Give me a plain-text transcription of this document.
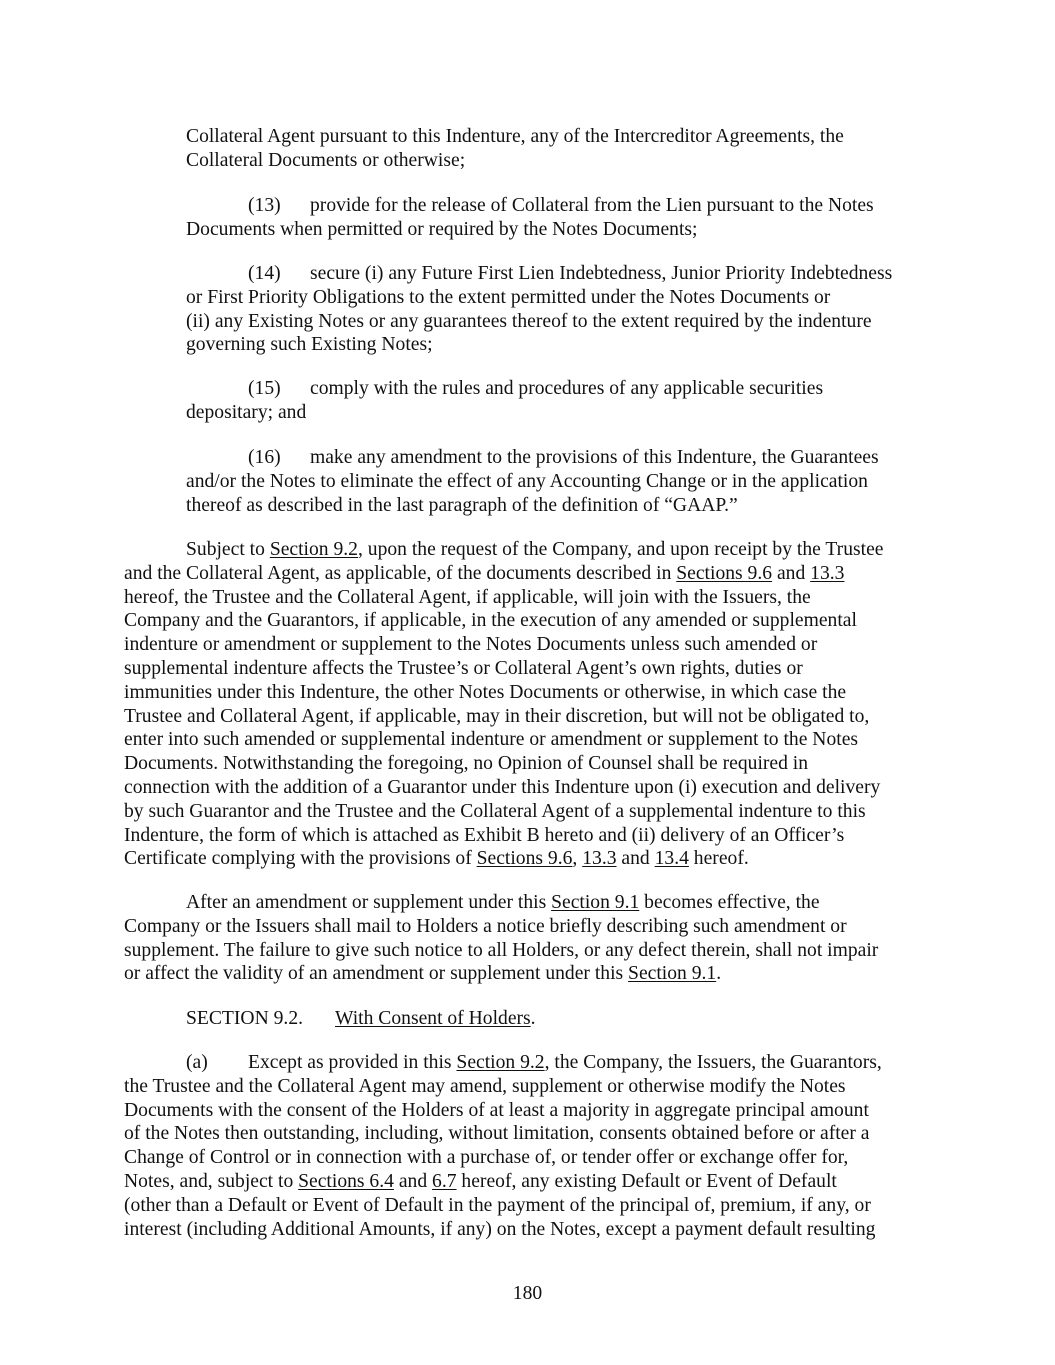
Collateral Agent pursuant to this Indenture, any of the Intercreditor Agreements, the
Collateral Documents or otherwise;
(13) provide for the release of Collateral from the Lien pursuant to the Notes
Documents when permitted or required by the Notes Documents;
(14) secure (i) any Future First Lien Indebtedness, Junior Priority Indebtedness
or First Priority Obligations to the extent permitted under the Notes Documents or
(ii) any Existing Notes or any guarantees thereof to the extent required by the indenture
governing such Existing Notes;
(15) comply with the rules and procedures of any applicable securities
depositary; and
(16) make any amendment to the provisions of this Indenture, the Guarantees
and/or the Notes to eliminate the effect of any Accounting Change or in the application
thereof as described in the last paragraph of the definition of “GAAP.”
Subject to Section 9.2, upon the request of the Company, and upon receipt by the Trustee
and the Collateral Agent, as applicable, of the documents described in Sections 9.6 and 13.3
hereof, the Trustee and the Collateral Agent, if applicable, will join with the Issuers, the
Company and the Guarantors, if applicable, in the execution of any amended or supplemental
indenture or amendment or supplement to the Notes Documents unless such amended or
supplemental indenture affects the Trustee’s or Collateral Agent’s own rights, duties or
immunities under this Indenture, the other Notes Documents or otherwise, in which case the
Trustee and Collateral Agent, if applicable, may in their discretion, but will not be obligated to,
enter into such amended or supplemental indenture or amendment or supplement to the Notes
Documents. Notwithstanding the foregoing, no Opinion of Counsel shall be required in
connection with the addition of a Guarantor under this Indenture upon (i) execution and delivery
by such Guarantor and the Trustee and the Collateral Agent of a supplemental indenture to this
Indenture, the form of which is attached as Exhibit B hereto and (ii) delivery of an Officer’s
Certificate complying with the provisions of Sections 9.6, 13.3 and 13.4 hereof.
After an amendment or supplement under this Section 9.1 becomes effective, the
Company or the Issuers shall mail to Holders a notice briefly describing such amendment or
supplement. The failure to give such notice to all Holders, or any defect therein, shall not impair
or affect the validity of an amendment or supplement under this Section 9.1.
SECTION 9.2. With Consent of Holders.
(a) Except as provided in this Section 9.2, the Company, the Issuers, the Guarantors,
the Trustee and the Collateral Agent may amend, supplement or otherwise modify the Notes
Documents with the consent of the Holders of at least a majority in aggregate principal amount
of the Notes then outstanding, including, without limitation, consents obtained before or after a
Change of Control or in connection with a purchase of, or tender offer or exchange offer for,
Notes, and, subject to Sections 6.4 and 6.7 hereof, any existing Default or Event of Default
(other than a Default or Event of Default in the payment of the principal of, premium, if any, or
interest (including Additional Amounts, if any) on the Notes, except a payment default resulting
180
